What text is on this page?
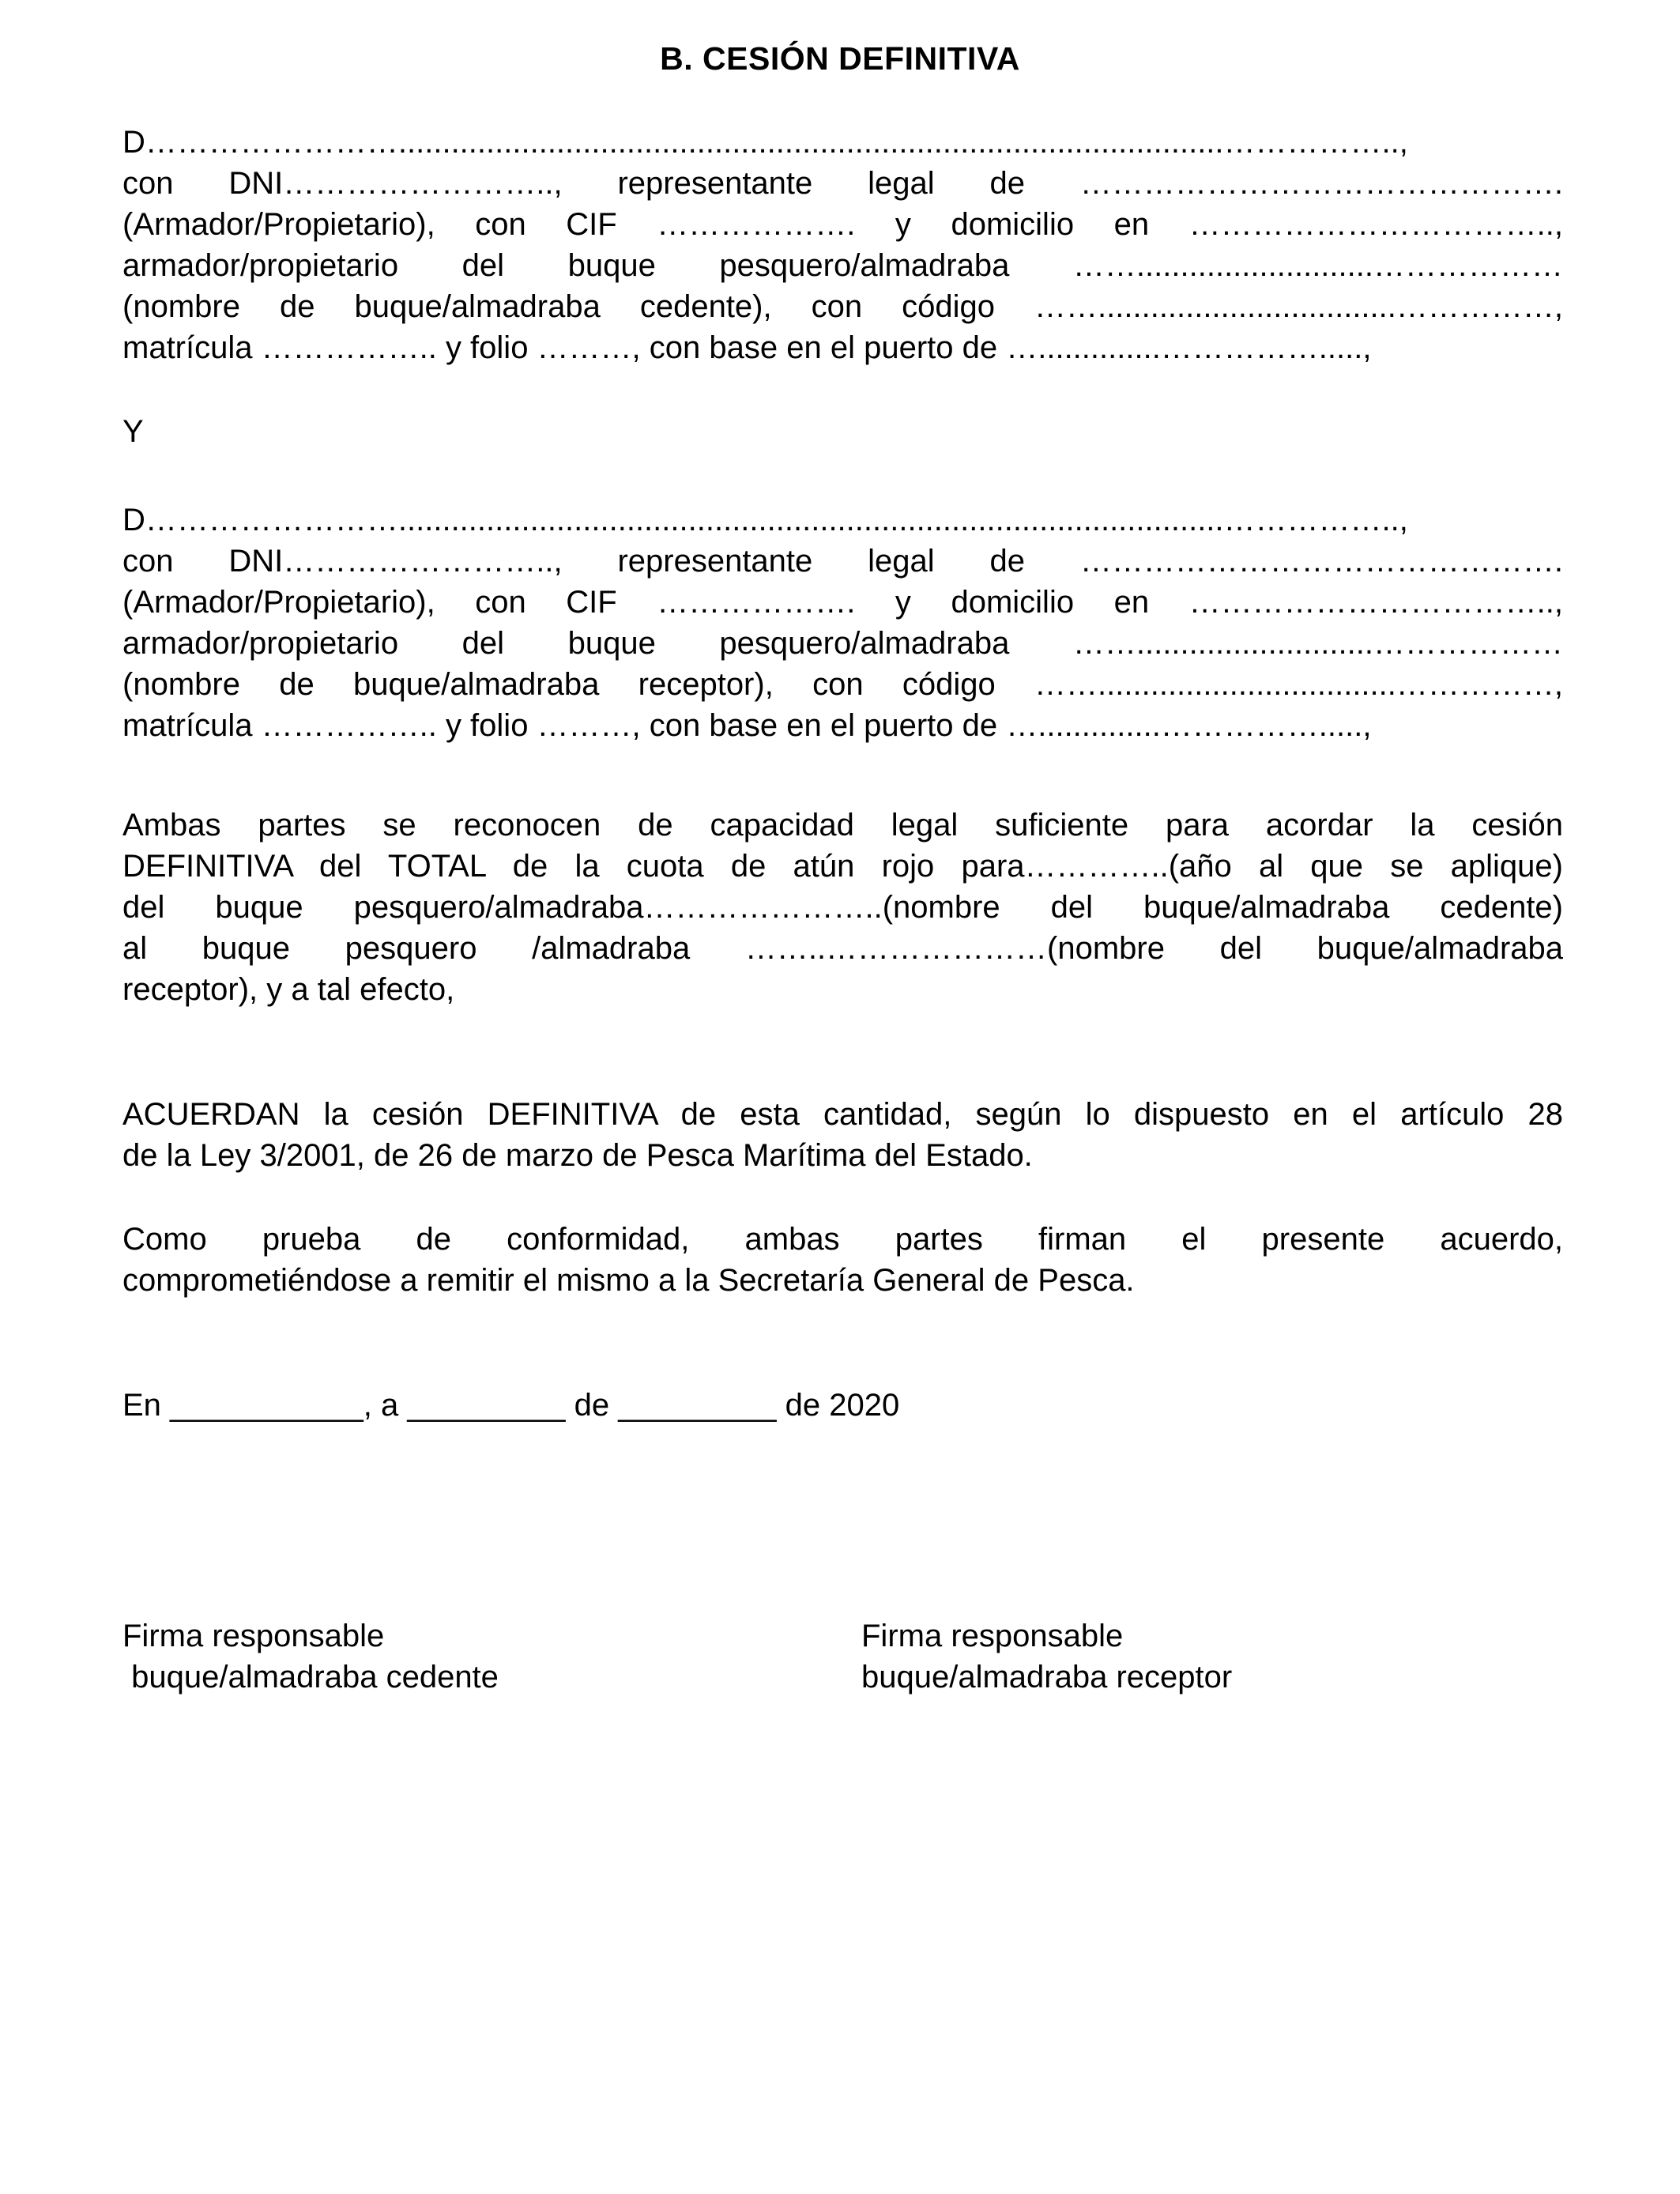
B. CESIÓN DEFINITIVA
D……………………..............................................................................................……………..,
con DNI…………………….., representante legal de ……………………………………….
(Armador/Propietario), con CIF ………………. y domicilio en ……………………………..,
armador/propietario del buque pesquero/almadraba ……...........................………………
(nombre de buque/almadraba cedente), con código ……..................................……………,
matrícula …………….. y folio ………, con base en el puerto de …..............…………….....,
Y
D……………………..............................................................................................……………..,
con DNI…………………….., representante legal de ……………………………………….
(Armador/Propietario), con CIF ………………. y domicilio en ……………………………..,
armador/propietario del buque pesquero/almadraba ……...........................………………
(nombre de buque/almadraba receptor), con código ……..................................……………,
matrícula …………….. y folio ………, con base en el puerto de …..............…………….....,
Ambas partes se reconocen de capacidad legal suficiente para acordar la cesión
DEFINITIVA del TOTAL de la cuota de atún rojo para…………..(año al que se aplique)
del buque pesquero/almadraba…………………..(nombre del buque/almadraba cedente)
al buque pesquero /almadraba ……..…………………(nombre del buque/almadraba
receptor), y a tal efecto,
ACUERDAN la cesión DEFINITIVA de esta cantidad, según lo dispuesto en el artículo 28
de la Ley 3/2001, de 26 de marzo de Pesca Marítima del Estado.
Como prueba de conformidad, ambas partes firman el presente acuerdo,
comprometiéndose a remitir el mismo a la Secretaría General de Pesca.
En ___________, a _________ de _________ de 2020
Firma responsable
buque/almadraba cedente
Firma responsable
buque/almadraba receptor
